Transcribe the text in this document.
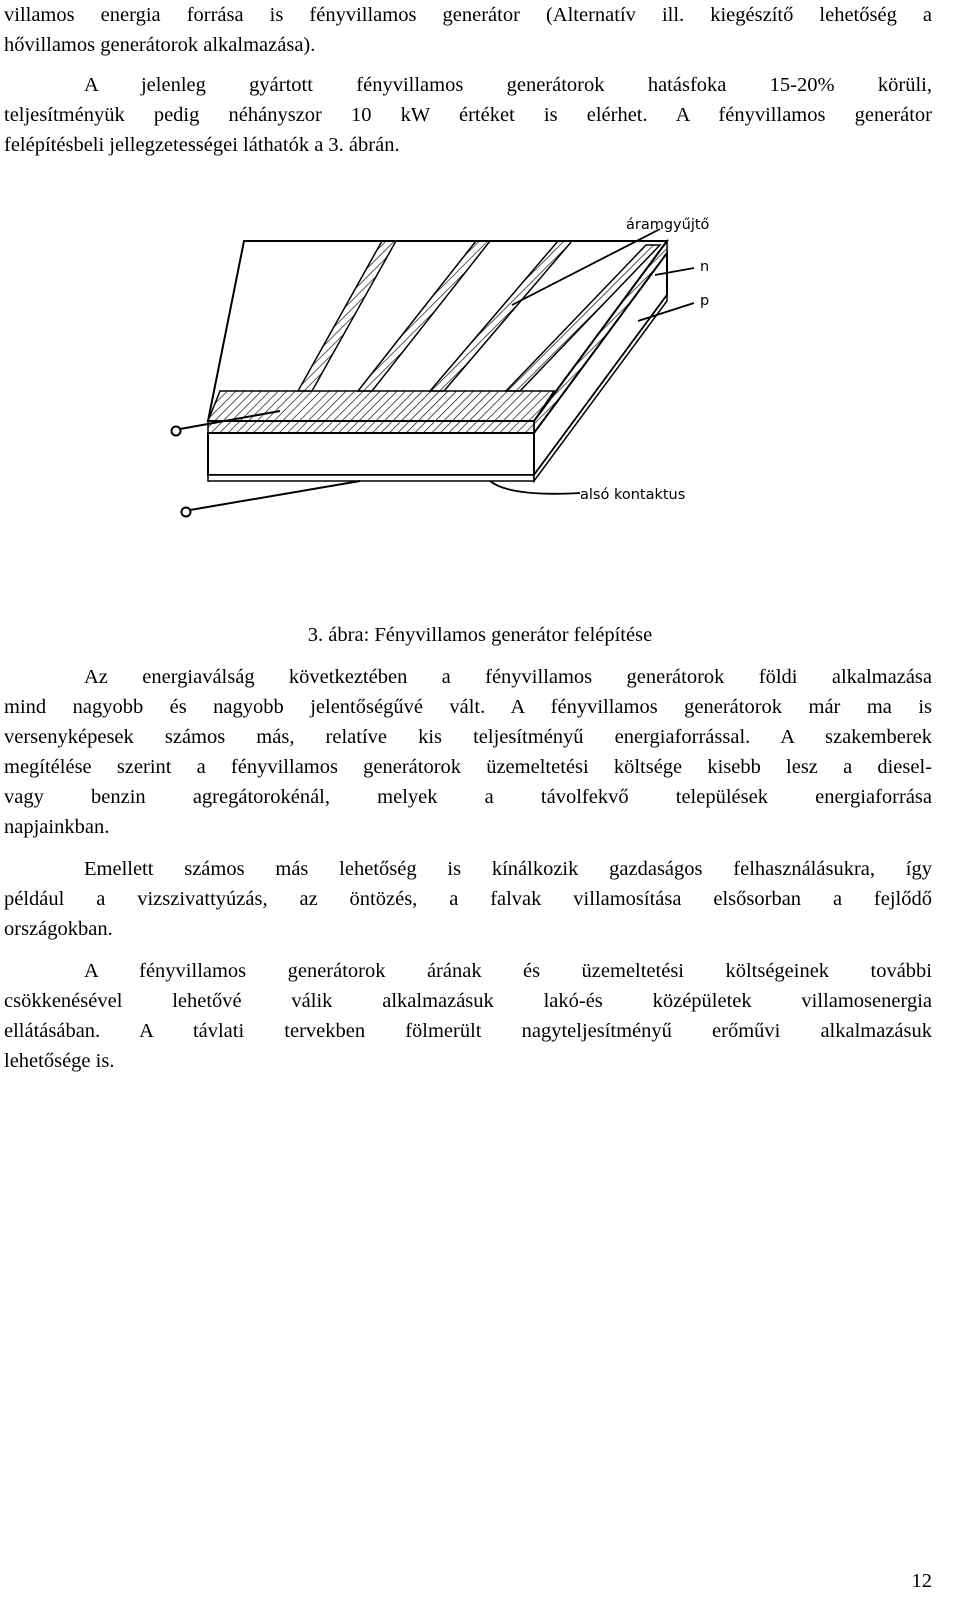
villamos energia forrása is fényvillamos generátor (Alternatív ill. kiegészítő lehetőség a
hővillamos generátorok alkalmazása).
A jelenleg gyártott fényvillamos generátorok hatásfoka 15-20% körüli,
teljesítményük pedig néhányszor 10 kW értéket is elérhet. A fényvillamos generátor
felépítésbeli jellegzetességei láthatók a 3. ábrán.
áramgyűjtő
n
p
alsó kontaktus
3. ábra: Fényvillamos generátor felépítése
Az energiaválság következtében a fényvillamos generátorok földi alkalmazása
mind nagyobb és nagyobb jelentőségűvé vált. A fényvillamos generátorok már ma is
versenyképesek számos más, relatíve kis teljesítményű energiaforrással. A szakemberek
megítélése szerint a fényvillamos generátorok üzemeltetési költsége kisebb lesz a diesel-
vagy benzin agregátorokénál, melyek a távolfekvő települések energiaforrása
napjainkban.
Emellett számos más lehetőség is kínálkozik gazdaságos felhasználásukra, így
például a vizszivattyúzás, az öntözés, a falvak villamosítása elsősorban a fejlődő
országokban.
A fényvillamos generátorok árának és üzemeltetési költségeinek további
csökkenésével lehetővé válik alkalmazásuk lakó-és középületek villamosenergia
ellátásában. A távlati tervekben fölmerült nagyteljesítményű erőművi alkalmazásuk
lehetősége is.
12
